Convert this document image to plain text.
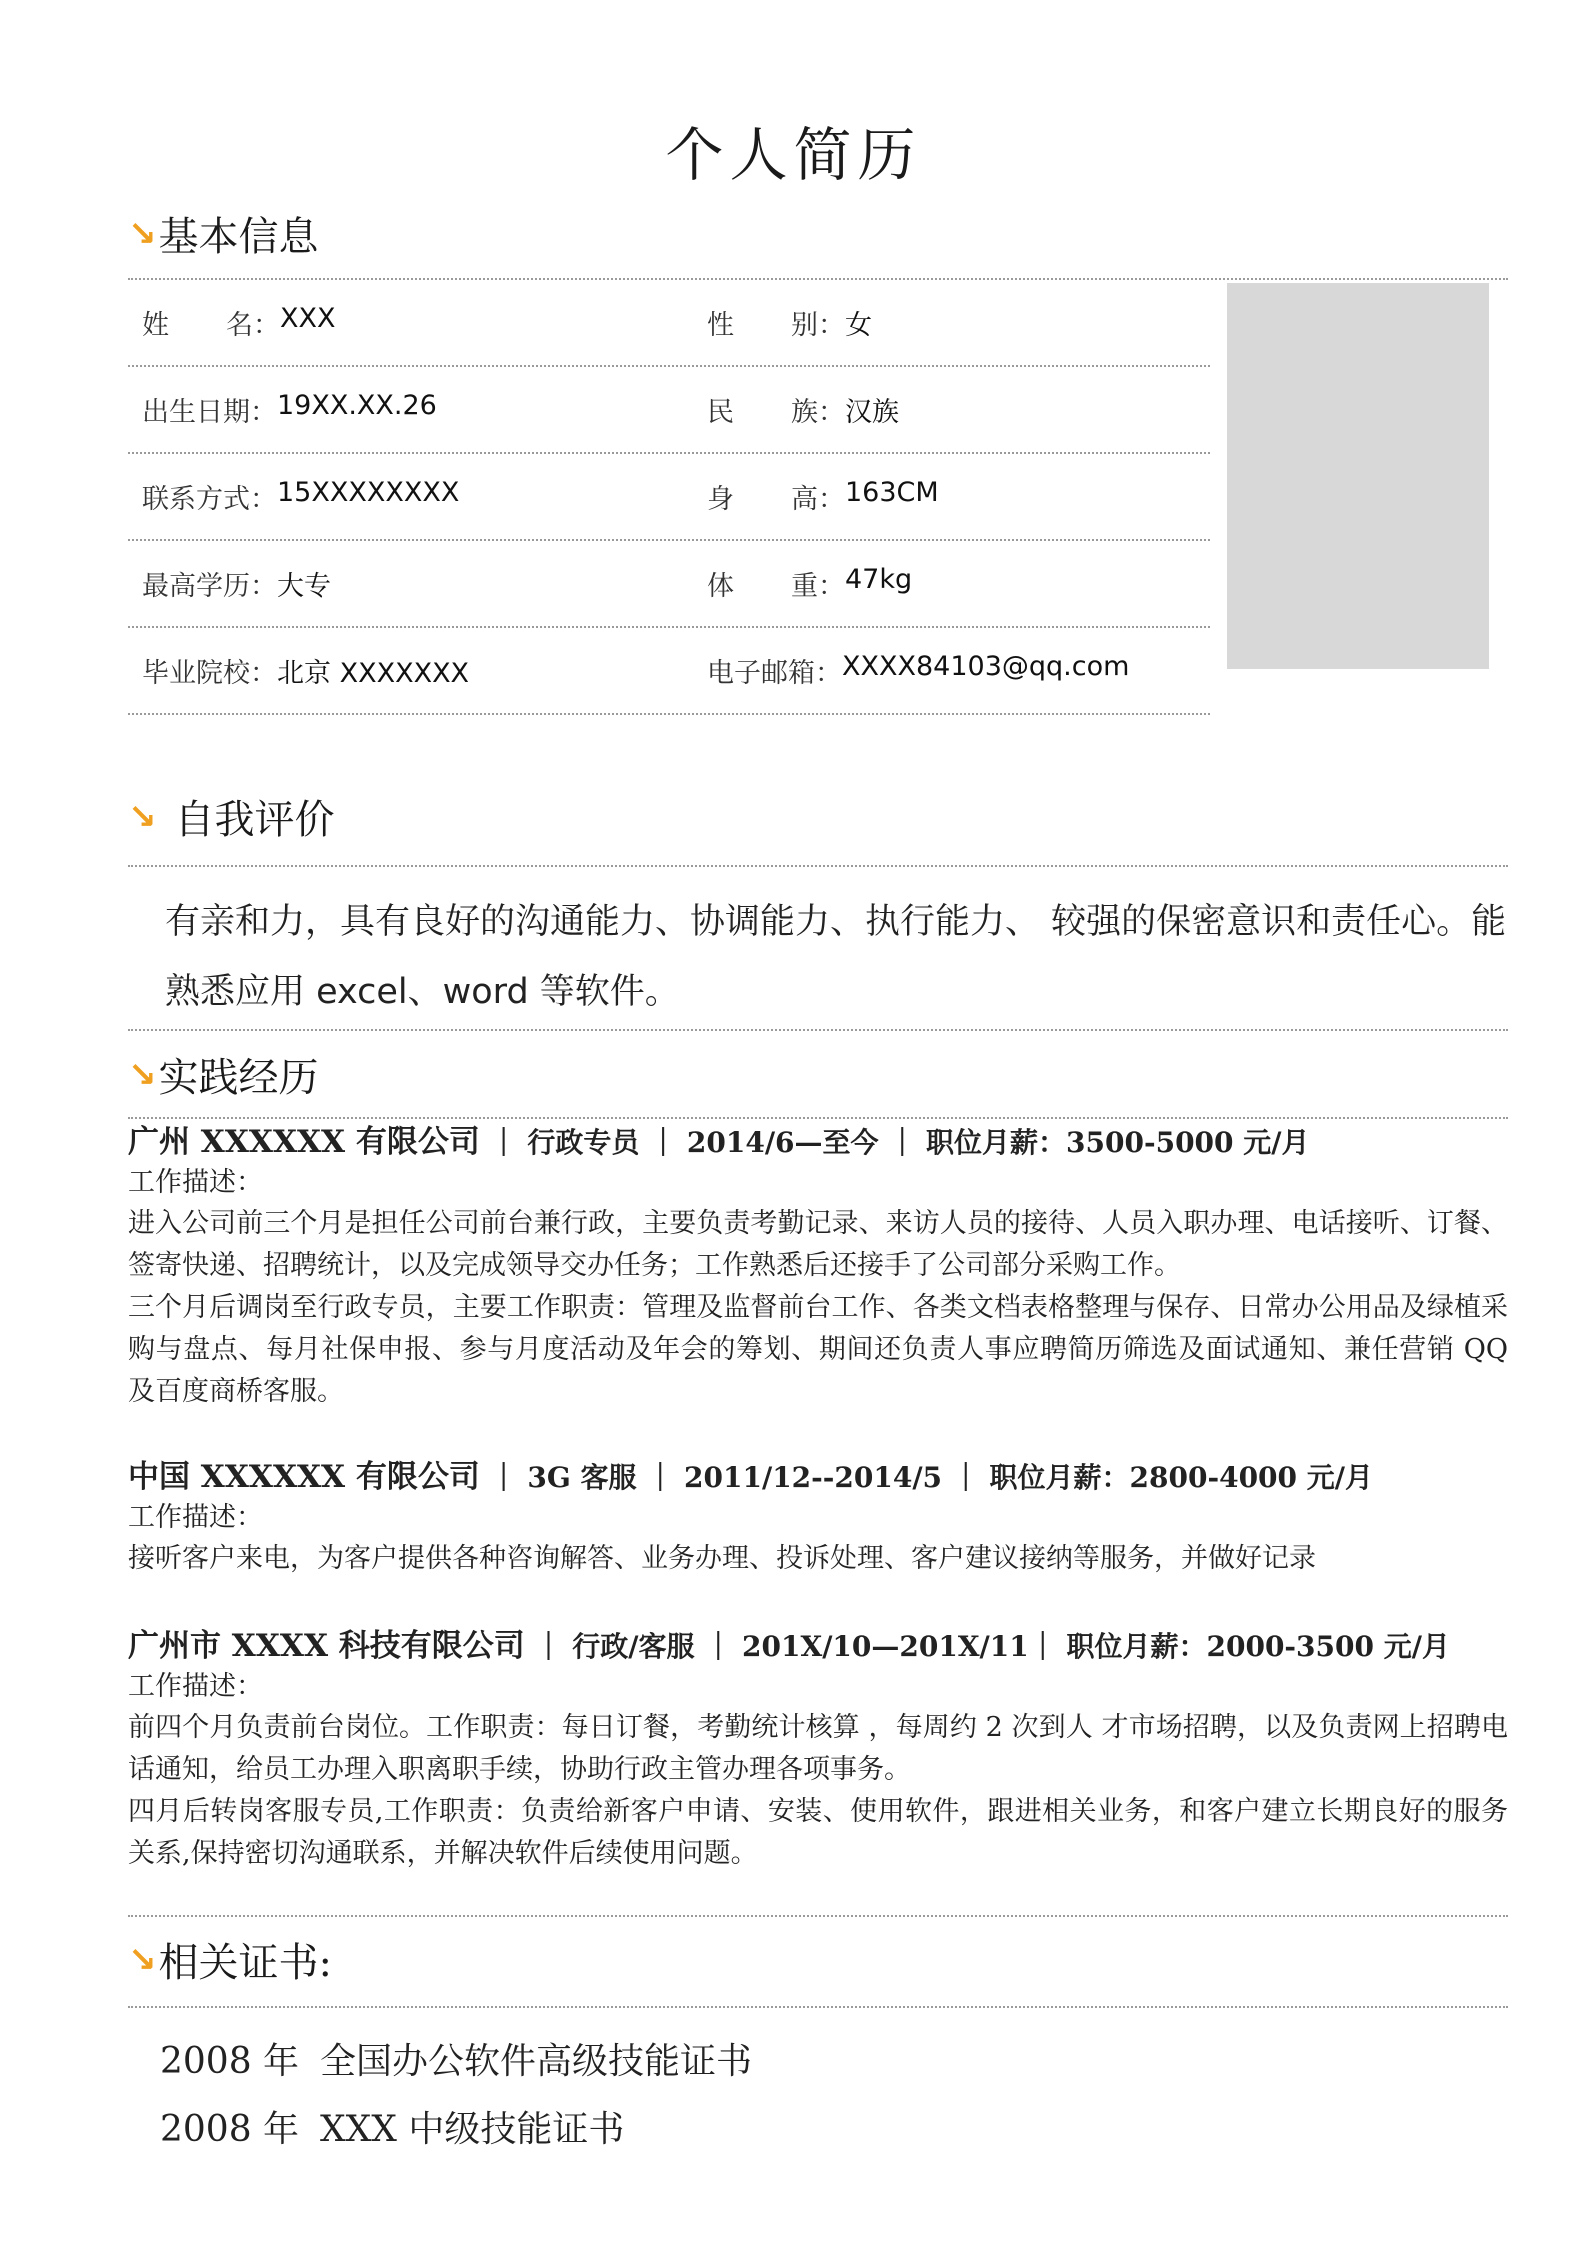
个人简历
↘ 基本信息
姓 名： XXX	性 别： 女
出生日期： 19XX.XX.26	民 族： 汉族
联系方式： 15XXXXXXXX	身 高： 163CM
最高学历： 大专	体 重： 47kg
毕业院校： 北京 XXXXXXX	电子邮箱： XXXX84103@qq.com
↘ 自我评价
有亲和力，具有良好的沟通能力、协调能力、执行能力、 较强的保密意识和责任心。能熟悉应用 excel、word 等软件。
↘ 实践经历
广州 XXXXXX 有限公司 ｜ 行政专员 ｜ 2014/6—至今 ｜ 职位月薪：3500-5000 元/月

工作描述：

进入公司前三个月是担任公司前台兼行政，主要负责考勤记录、来访人员的接待、人员入职办理、电话接听、订餐、签寄快递、招聘统计，以及完成领导交办任务；工作熟悉后还接手了公司部分采购工作。

三个月后调岗至行政专员，主要工作职责：管理及监督前台工作、各类文档表格整理与保存、日常办公用品及绿植采购与盘点、每月社保申报、参与月度活动及年会的筹划、期间还负责人事应聘简历筛选及面试通知、兼任营销 QQ 及百度商桥客服。

中国 XXXXXX 有限公司 ｜ 3G 客服 ｜ 2011/12--2014/5 ｜ 职位月薪：2800-4000 元/月

工作描述：

接听客户来电，为客户提供各种咨询解答、业务办理、投诉处理、客户建议接纳等服务，并做好记录

广州市 XXXX 科技有限公司 ｜ 行政/客服 ｜ 201X/10—201X/11｜ 职位月薪：2000-3500 元/月

工作描述：

前四个月负责前台岗位。工作职责：每日订餐，考勤统计核算 ，每周约 2 次到人 才市场招聘，以及负责网上招聘电话通知，给员工办理入职离职手续，协助行政主管办理各项事务。

四月后转岗客服专员,工作职责：负责给新客户申请、安装、使用软件，跟进相关业务，和客户建立长期良好的服务关系,保持密切沟通联系，并解决软件后续使用问题。

↘ 相关证书:
2008 年 全国办公软件高级技能证书
2008 年 XXX 中级技能证书
